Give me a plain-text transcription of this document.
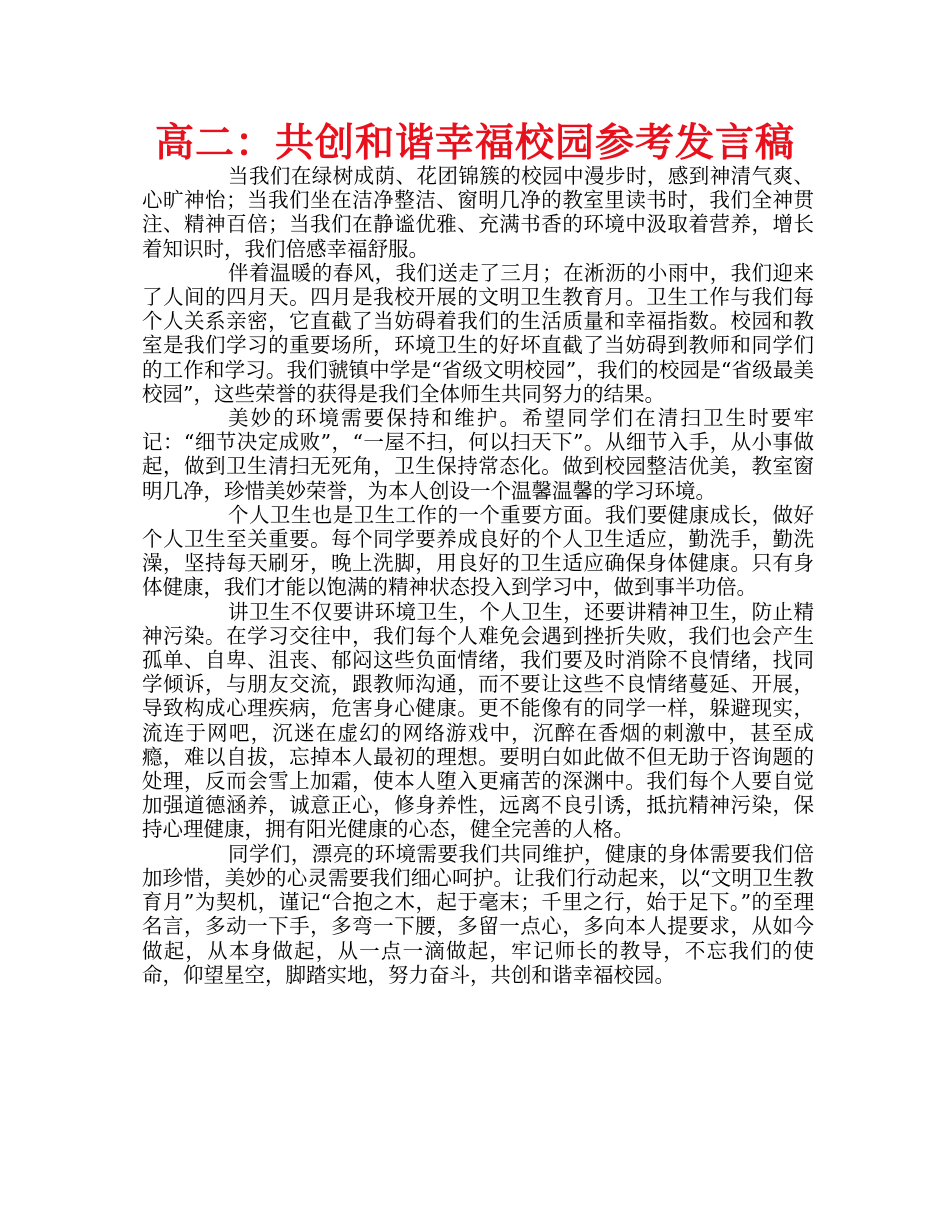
高二：共创和谐幸福校园参考发言稿

当我们在绿树成荫、花团锦簇的校园中漫步时，感到神清气爽、心旷神怡；当我们坐在洁净整洁、窗明几净的教室里读书时，我们全神贯注、精神百倍；当我们在静谧优雅、充满书香的环境中汲取着营养，增长着知识时，我们倍感幸福舒服。

伴着温暖的春风，我们送走了三月；在淅沥的小雨中，我们迎来了人间的四月天。四月是我校开展的文明卫生教育月。卫生工作与我们每个人关系亲密，它直截了当妨碍着我们的生活质量和幸福指数。校园和教室是我们学习的重要场所，环境卫生的好坏直截了当妨碍到教师和同学们的工作和学习。我们虢镇中学是“省级文明校园”，我们的校园是“省级最美校园”，这些荣誉的获得是我们全体师生共同努力的结果。

美妙的环境需要保持和维护。希望同学们在清扫卫生时要牢记：“细节决定成败”，“一屋不扫，何以扫天下”。从细节入手，从小事做起，做到卫生清扫无死角，卫生保持常态化。做到校园整洁优美，教室窗明几净，珍惜美妙荣誉，为本人创设一个温馨温馨的学习环境。

个人卫生也是卫生工作的一个重要方面。我们要健康成长，做好个人卫生至关重要。每个同学要养成良好的个人卫生适应，勤洗手，勤洗澡，坚持每天刷牙，晚上洗脚，用良好的卫生适应确保身体健康。只有身体健康，我们才能以饱满的精神状态投入到学习中，做到事半功倍。

讲卫生不仅要讲环境卫生，个人卫生，还要讲精神卫生，防止精神污染。在学习交往中，我们每个人难免会遇到挫折失败，我们也会产生孤单、自卑、沮丧、郁闷这些负面情绪，我们要及时消除不良情绪，找同学倾诉，与朋友交流，跟教师沟通，而不要让这些不良情绪蔓延、开展，导致构成心理疾病，危害身心健康。更不能像有的同学一样，躲避现实，流连于网吧，沉迷在虚幻的网络游戏中，沉醉在香烟的刺激中，甚至成瘾，难以自拔，忘掉本人最初的理想。要明白如此做不但无助于咨询题的处理，反而会雪上加霜，使本人堕入更痛苦的深渊中。我们每个人要自觉加强道德涵养，诚意正心，修身养性，远离不良引诱，抵抗精神污染，保持心理健康，拥有阳光健康的心态，健全完善的人格。

同学们，漂亮的环境需要我们共同维护，健康的身体需要我们倍加珍惜，美妙的心灵需要我们细心呵护。让我们行动起来，以“文明卫生教育月”为契机，谨记“合抱之木，起于毫末；千里之行，始于足下。”的至理名言，多动一下手，多弯一下腰，多留一点心，多向本人提要求，从如今做起，从本身做起，从一点一滴做起，牢记师长的教导，不忘我们的使命，仰望星空，脚踏实地，努力奋斗，共创和谐幸福校园。
